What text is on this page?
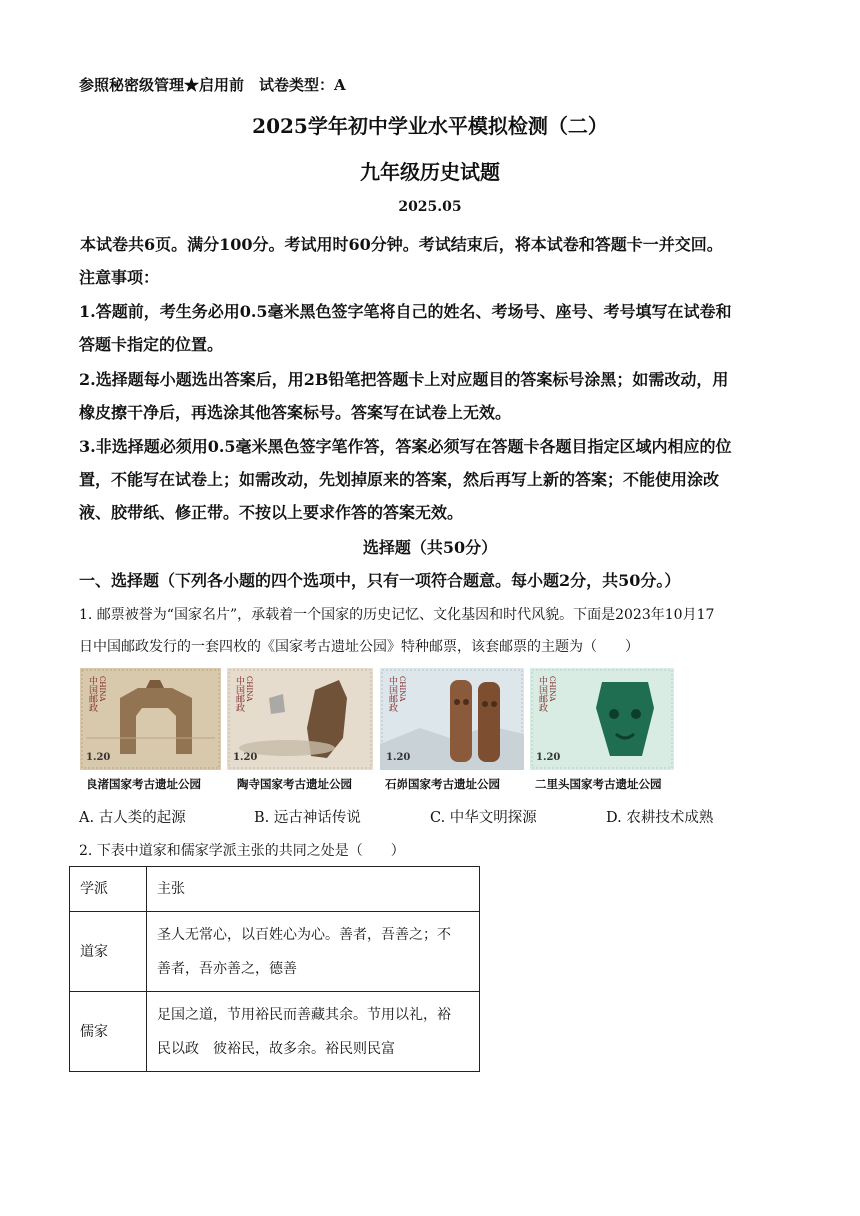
参照秘密级管理★启用前　试卷类型：A
2025学年初中学业水平模拟检测（二）
九年级历史试题
2025.05
本试卷共6页。满分100分。考试用时60分钟。考试结束后，将本试卷和答题卡一并交回。
注意事项：
1.答题前，考生务必用0.5毫米黑色签字笔将自己的姓名、考场号、座号、考号填写在试卷和
答题卡指定的位置。
2.选择题每小题选出答案后，用2B铅笔把答题卡上对应题目的答案标号涂黑；如需改动，用
橡皮擦干净后，再选涂其他答案标号。答案写在试卷上无效。
3.非选择题必须用0.5毫米黑色签字笔作答，答案必须写在答题卡各题目指定区域内相应的位
置，不能写在试卷上；如需改动，先划掉原来的答案，然后再写上新的答案；不能使用涂改
液、胶带纸、修正带。不按以上要求作答的答案无效。
选择题（共50分）
一、选择题（下列各小题的四个选项中，只有一项符合题意。每小题2分，共50分。）
1. 邮票被誉为“国家名片”，承载着一个国家的历史记忆、文化基因和时代风貌。下面是2023年10月17
日中国邮政发行的一套四枚的《国家考古遗址公园》特种邮票，该套邮票的主题为（　　）
中国邮政 CHINA
1.20
中国邮政 CHINA
1.20
中国邮政 CHINA
1.20
中国邮政 CHINA
1.20
良渚国家考古遗址公园	陶寺国家考古遗址公园	石峁国家考古遗址公园	二里头国家考古遗址公园
A. 古人类的起源	B. 远古神话传说	C. 中华文明探源	D. 农耕技术成熟
2. 下表中道家和儒家学派主张的共同之处是（　　）
学派	主张
道家	圣人无常心，以百姓心为心。善者，吾善之；不
善者，吾亦善之，德善

儒家	足国之道，节用裕民而善藏其余。节用以礼，裕
民以政　彼裕民，故多余。裕民则民富
